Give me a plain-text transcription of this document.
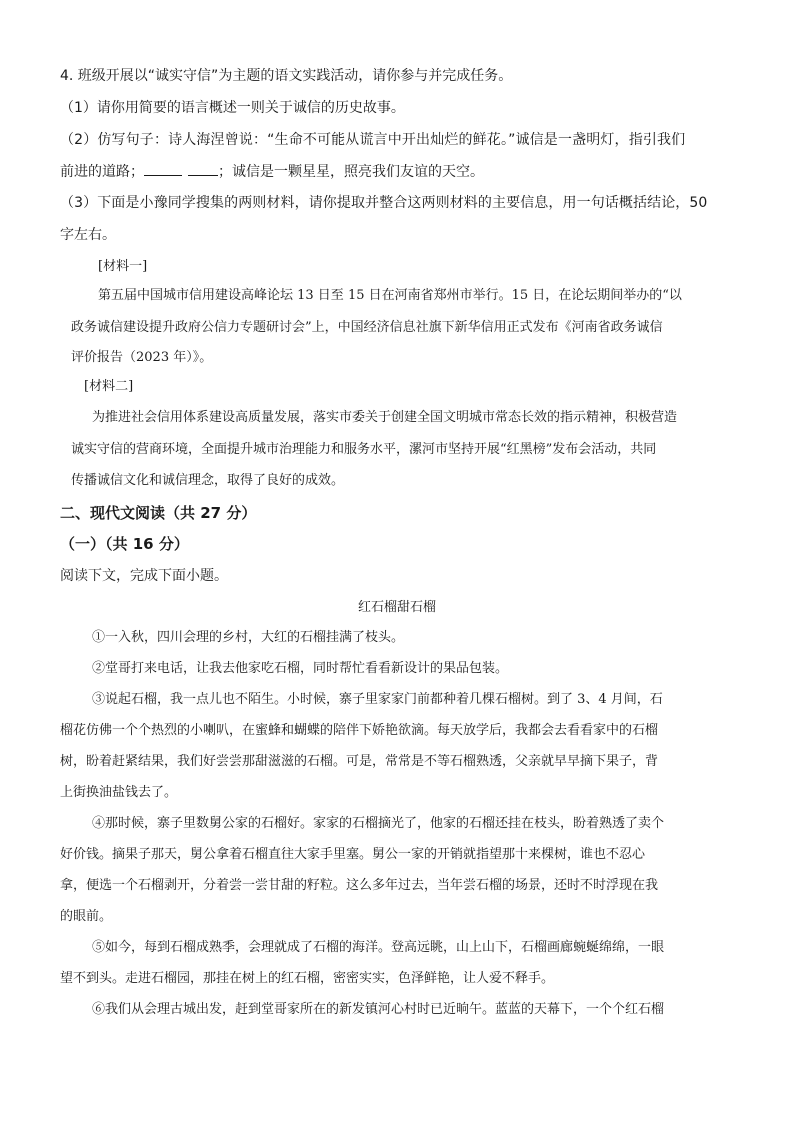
4. 班级开展以“诚实守信”为主题的语文实践活动，请你参与并完成任务。
（1）请你用简要的语言概述一则关于诚信的历史故事。
（2）仿写句子：诗人海涅曾说：“生命不可能从谎言中开出灿烂的鲜花。”诚信是一盏明灯，指引我们
前进的道路；	；诚信是一颗星星，照亮我们友谊的天空。
（3）下面是小豫同学搜集的两则材料，请你提取并整合这两则材料的主要信息，用一句话概括结论，50
字左右。
[材料一]
第五届中国城市信用建设高峰论坛 13 日至 15 日在河南省郑州市举行。15 日，在论坛期间举办的“以
政务诚信建设提升政府公信力专题研讨会”上，中国经济信息社旗下新华信用正式发布《河南省政务诚信
评价报告（2023 年）》。
[材料二]
为推进社会信用体系建设高质量发展，落实市委关于创建全国文明城市常态长效的指示精神，积极营造
诚实守信的营商环境，全面提升城市治理能力和服务水平，漯河市坚持开展“红黑榜”发布会活动，共同
传播诚信文化和诚信理念，取得了良好的成效。
二、现代文阅读（共 27 分）
（一）（共 16 分）
阅读下文，完成下面小题。
红石榴甜石榴
①一入秋，四川会理的乡村，大红的石榴挂满了枝头。
②堂哥打来电话，让我去他家吃石榴，同时帮忙看看新设计的果品包装。
③说起石榴，我一点儿也不陌生。小时候，寨子里家家门前都种着几棵石榴树。到了 3、4 月间，石
榴花仿佛一个个热烈的小喇叭，在蜜蜂和蝴蝶的陪伴下娇艳欲滴。每天放学后，我都会去看看家中的石榴
树，盼着赶紧结果，我们好尝尝那甜滋滋的石榴。可是，常常是不等石榴熟透，父亲就早早摘下果子，背
上街换油盐钱去了。
④那时候，寨子里数舅公家的石榴好。家家的石榴摘光了，他家的石榴还挂在枝头，盼着熟透了卖个
好价钱。摘果子那天，舅公拿着石榴直往大家手里塞。舅公一家的开销就指望那十来棵树，谁也不忍心
拿，便选一个石榴剥开，分着尝一尝甘甜的籽粒。这么多年过去，当年尝石榴的场景，还时不时浮现在我
的眼前。
⑤如今，每到石榴成熟季，会理就成了石榴的海洋。登高远眺，山上山下，石榴画廊蜿蜒绵绵，一眼
望不到头。走进石榴园，那挂在树上的红石榴，密密实实，色泽鲜艳，让人爱不释手。
⑥我们从会理古城出发，赶到堂哥家所在的新发镇河心村时已近晌午。蓝蓝的天幕下，一个个红石榴
